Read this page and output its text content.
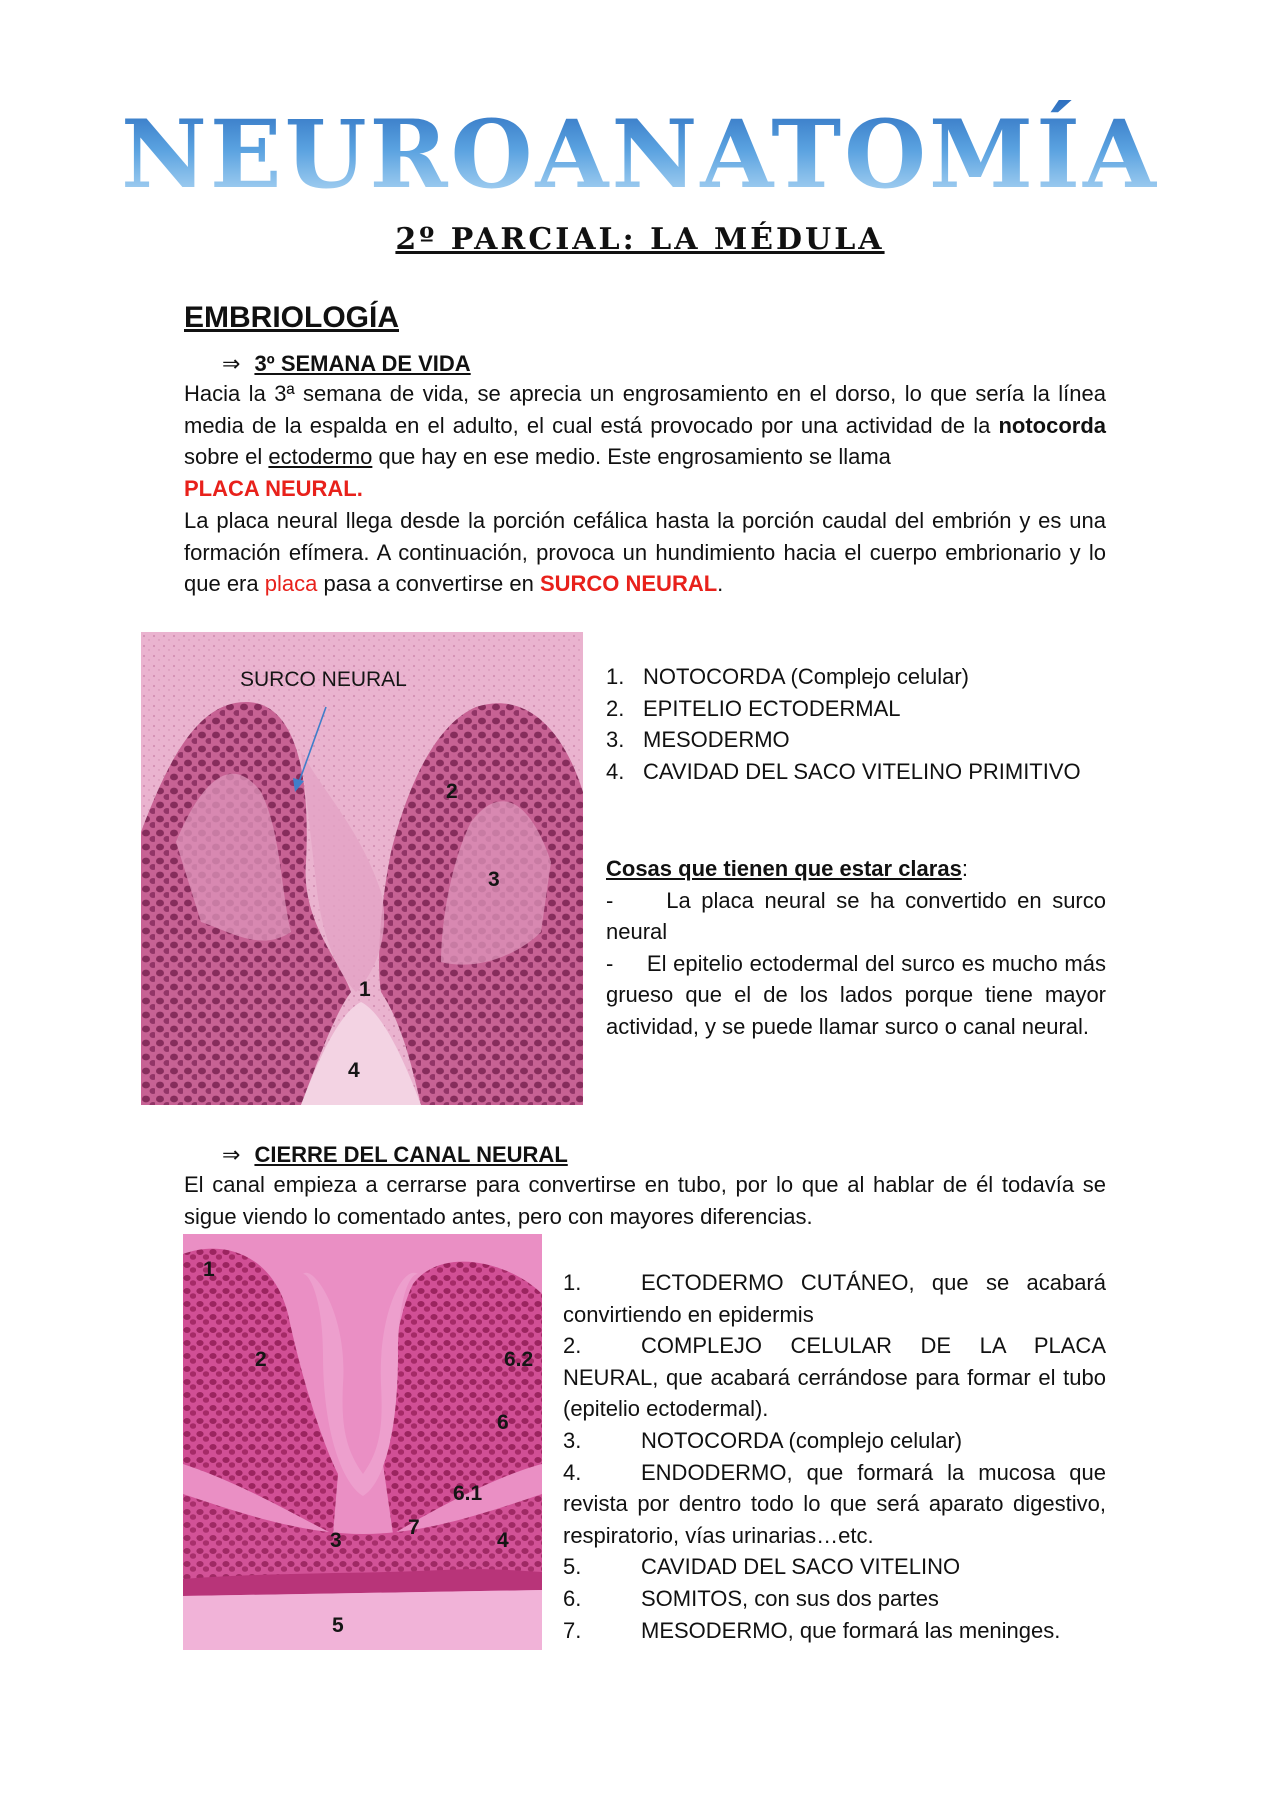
NEUROANATOMÍA
2º PARCIAL: LA MÉDULA
EMBRIOLOGÍA
⇒ 3º SEMANA DE VIDA
Hacia la 3ª semana de vida, se aprecia un engrosamiento en el dorso, lo que sería la línea media de la espalda en el adulto, el cual está provocado por una actividad de la notocorda sobre el ectodermo que hay en ese medio. Este engrosamiento se llama
PLACA NEURAL.
La placa neural llega desde la porción cefálica hasta la porción caudal del embrión y es una formación efímera. A continuación, provoca un hundimiento hacia el cuerpo embrionario y lo que era placa pasa a convertirse en SURCO NEURAL.
SURCO NEURAL
2
3
1
4
1. NOTOCORDA (Complejo celular)
2. EPITELIO ECTODERMAL
3. MESODERMO
4. CAVIDAD DEL SACO VITELINO PRIMITIVO
Cosas que tienen que estar claras:
- La placa neural se ha convertido en surco neural
- El epitelio ectodermal del surco es mucho más grueso que el de los lados porque tiene mayor actividad, y se puede llamar surco o canal neural.
⇒ CIERRE DEL CANAL NEURAL
El canal empieza a cerrarse para convertirse en tubo, por lo que al hablar de él todavía se sigue viendo lo comentado antes, pero con mayores diferencias.
1
2	6.2
6
6.1
7
3	4
5
1.	ECTODERMO CUTÁNEO, que se acabará convirtiendo en epidermis
2.	COMPLEJO CELULAR DE LA PLACA NEURAL, que acabará cerrándose para formar el tubo (epitelio ectodermal).
3.	NOTOCORDA (complejo celular)
4.	ENDODERMO, que formará la mucosa que revista por dentro todo lo que será aparato digestivo, respiratorio, vías urinarias…etc.
5.	CAVIDAD DEL SACO VITELINO
6.	SOMITOS, con sus dos partes
7.	MESODERMO, que formará las meninges.
